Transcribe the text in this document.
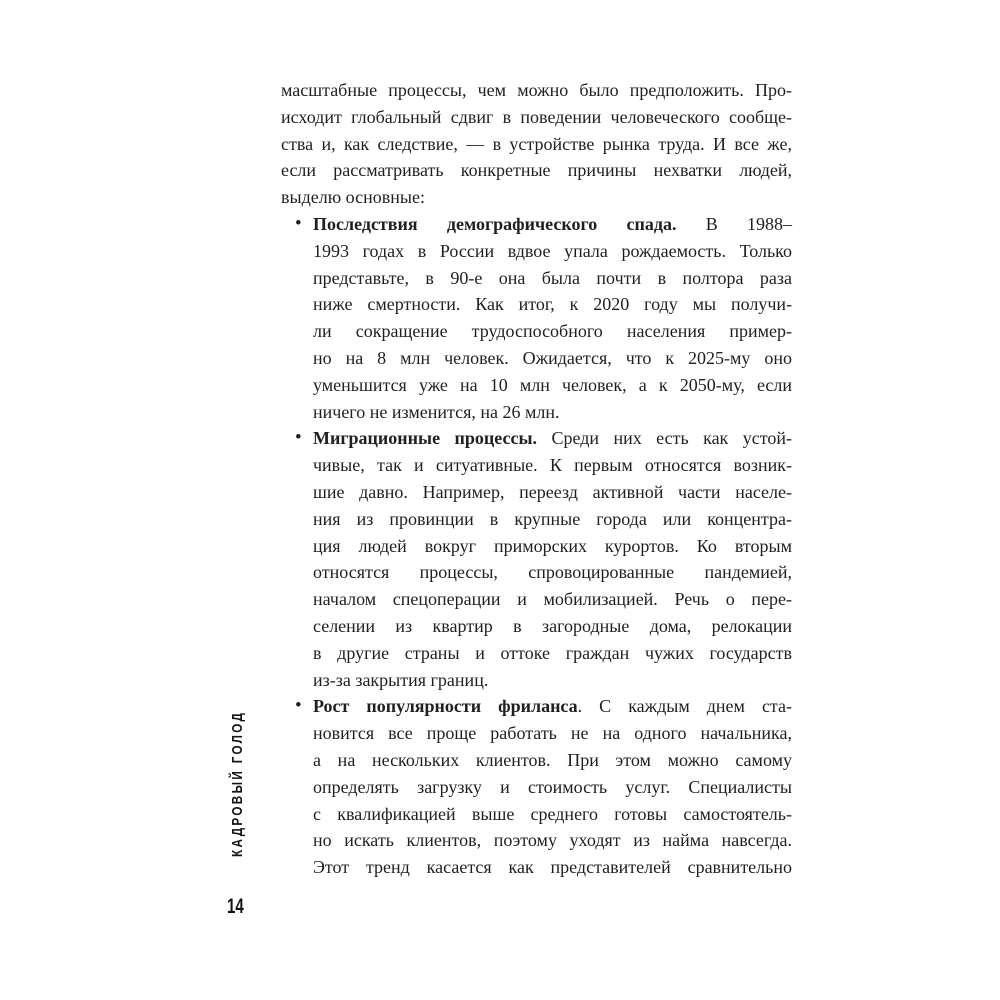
КАДРОВЫЙ ГОЛОД
14
масштабные процессы, чем можно было предположить. Про-
исходит глобальный сдвиг в поведении человеческого сообще-
ства и, как следствие, — в устройстве рынка труда. И все же,
если рассматривать конкретные причины нехватки людей,
выделю основные:
• Последствия демографического спада. В 1988–
1993 годах в России вдвое упала рождаемость. Только
представьте, в 90-е она была почти в полтора раза
ниже смертности. Как итог, к 2020 году мы получи-
ли сокращение трудоспособного населения пример-
но на 8 млн человек. Ожидается, что к 2025-му оно
уменьшится уже на 10 млн человек, а к 2050-му, если
ничего не изменится, на 26 млн.
• Миграционные процессы. Среди них есть как устой-
чивые, так и ситуативные. К первым относятся возник-
шие давно. Например, переезд активной части населе-
ния из провинции в крупные города или концентра-
ция людей вокруг приморских курортов. Ко вторым
относятся процессы, спровоцированные пандемией,
началом спецоперации и мобилизацией. Речь о пере-
селении из квартир в загородные дома, релокации
в другие страны и оттоке граждан чужих государств
из-за закрытия границ.
• Рост популярности фриланса. С каждым днем ста-
новится все проще работать не на одного начальника,
а на нескольких клиентов. При этом можно самому
определять загрузку и стоимость услуг. Специалисты
с квалификацией выше среднего готовы самостоятель-
но искать клиентов, поэтому уходят из найма навсегда.
Этот тренд касается как представителей сравнительно
